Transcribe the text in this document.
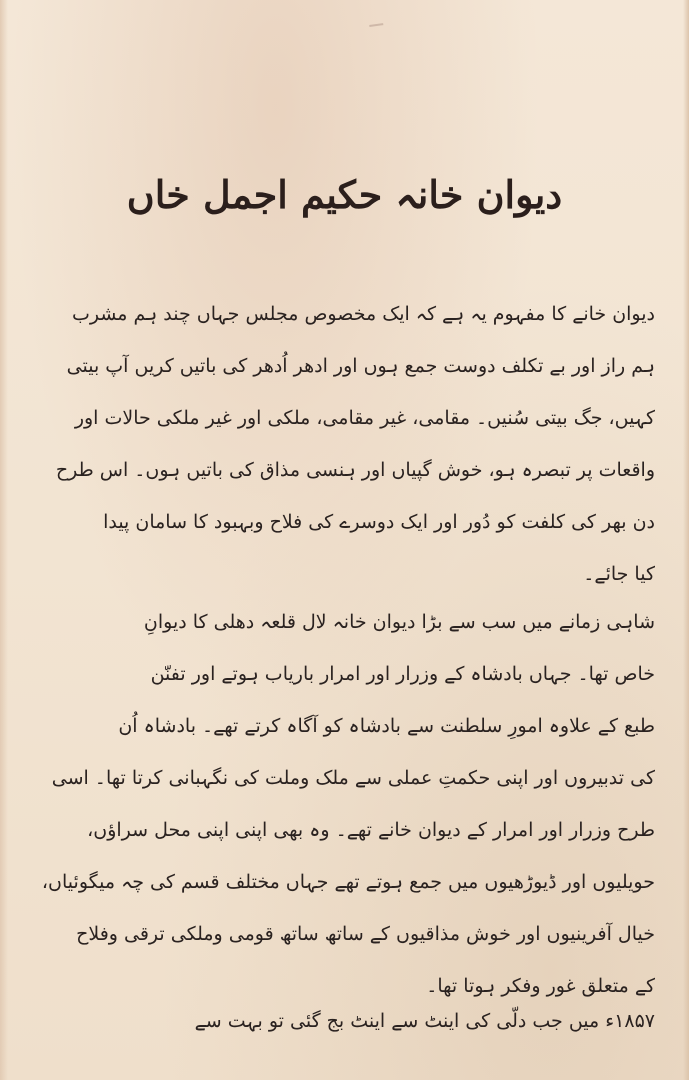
دیوان خانہ حکیم اجمل خاں
دیوان خانے کا مفہوم یہ ہے کہ ایک مخصوص مجلس جہاں چند ہم مشرب
ہم راز اور بے تکلف دوست جمع ہوں اور ادھر اُدھر کی باتیں کریں آپ بیتی
کہیں، جگ بیتی سُنیں۔ مقامی، غیر مقامی، ملکی اور غیر ملکی حالات اور
واقعات پر تبصرہ ہو، خوش گپیاں اور ہنسی مذاق کی باتیں ہوں۔ اس طرح
دن بھر کی کلفت کو دُور اور ایک دوسرے کی فلاح وبہبود کا سامان پیدا
کیا جائے۔
شاہی زمانے میں سب سے بڑا دیوان خانہ لال قلعہ دھلی کا دیوانِ
خاص تھا۔ جہاں بادشاہ کے وزرار اور امرار باریاب ہوتے اور تفنّن
طبع کے علاوہ امورِ سلطنت سے بادشاہ کو آگاہ کرتے تھے۔ بادشاہ اُن
کی تدبیروں اور اپنی حکمتِ عملی سے ملک وملت کی نگہبانی کرتا تھا۔ اسی
طرح وزرار اور امرار کے دیوان خانے تھے۔ وہ بھی اپنی اپنی محل سراؤں،
حویلیوں اور ڈیوڑھیوں میں جمع ہوتے تھے جہاں مختلف قسم کی چہ میگوئیاں،
خیال آفرینیوں اور خوش مذاقیوں کے ساتھ ساتھ قومی وملکی ترقی وفلاح
کے متعلق غور وفکر ہوتا تھا۔
۱۸۵۷ء میں جب دلّی کی اینٹ سے اینٹ بج گئی تو بہت سے
